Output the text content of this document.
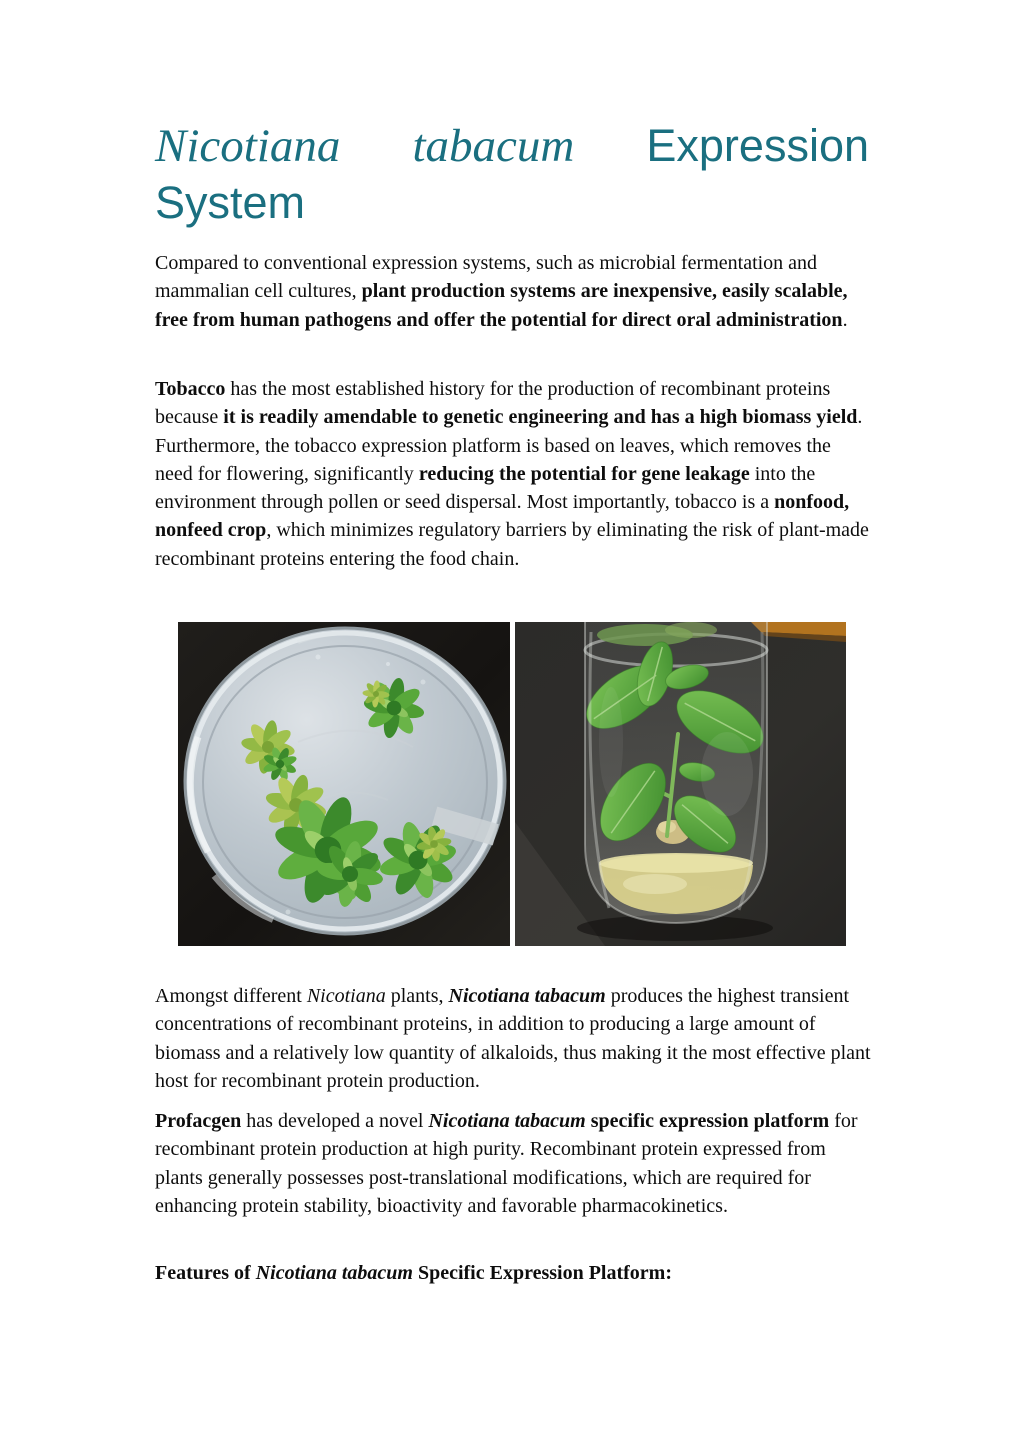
Nicotiana tabacum Expression
System

Compared to conventional expression systems, such as microbial fermentation and mammalian cell cultures, plant production systems are inexpensive, easily scalable, free from human pathogens and offer the potential for direct oral administration.

Tobacco has the most established history for the production of recombinant proteins because it is readily amendable to genetic engineering and has a high biomass yield. Furthermore, the tobacco expression platform is based on leaves, which removes the need for flowering, significantly reducing the potential for gene leakage into the environment through pollen or seed dispersal. Most importantly, tobacco is a nonfood, nonfeed crop, which minimizes regulatory barriers by eliminating the risk of plant-made recombinant proteins entering the food chain.

Amongst different Nicotiana plants, Nicotiana tabacum produces the highest transient concentrations of recombinant proteins, in addition to producing a large amount of biomass and a relatively low quantity of alkaloids, thus making it the most effective plant host for recombinant protein production.

Profacgen has developed a novel Nicotiana tabacum specific expression platform for recombinant protein production at high purity. Recombinant protein expressed from plants generally possesses post-translational modifications, which are required for enhancing protein stability, bioactivity and favorable pharmacokinetics.

Features of Nicotiana tabacum Specific Expression Platform:
